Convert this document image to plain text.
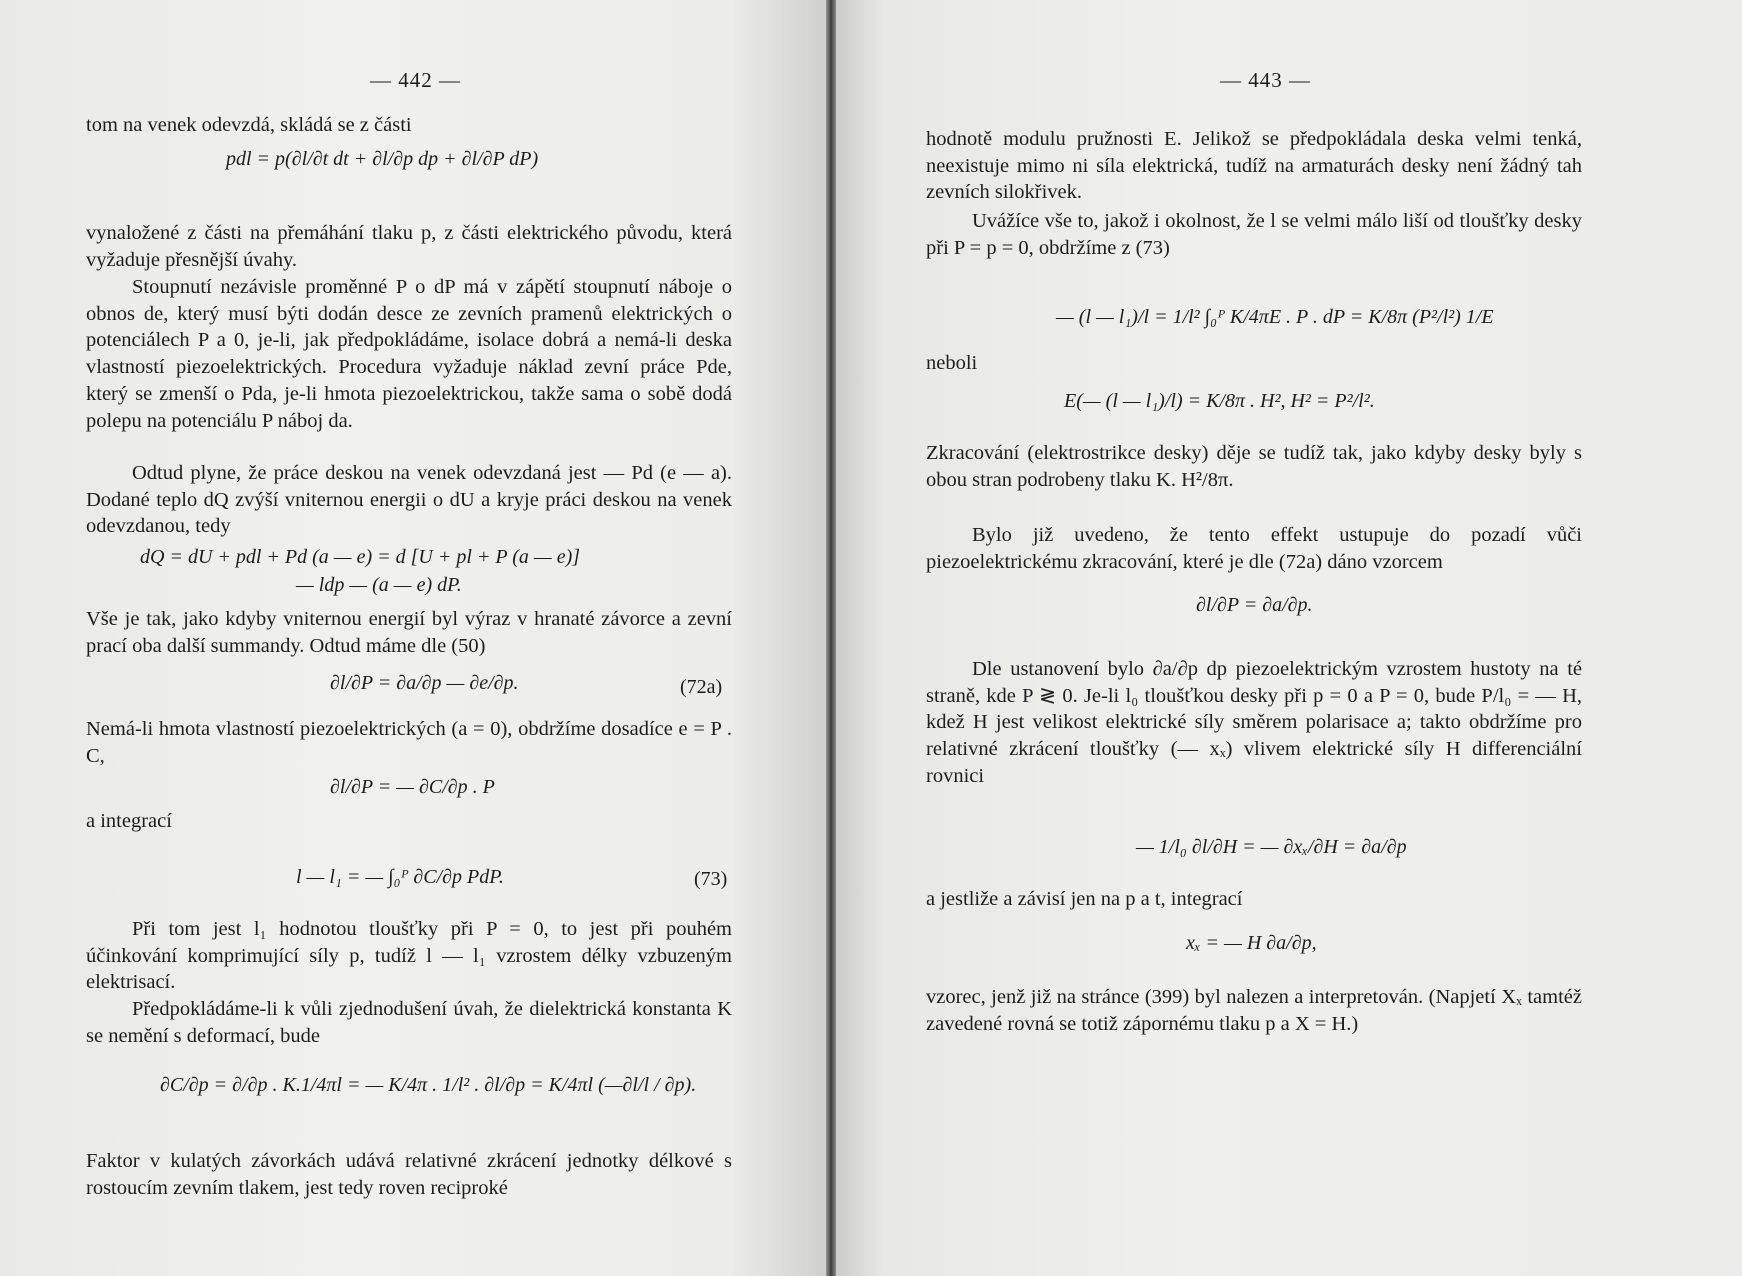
— 442 —

tom na venek odevzdá, skládá se z části

pdl = p(∂l/∂t dt + ∂l/∂p dp + ∂l/∂P dP)

vynaložené z části na přemáhání tlaku p, z části elektrického původu, která vyžaduje přesnější úvahy.

Stoupnutí nezávisle proměnné P o dP má v zápětí stoupnutí náboje o obnos de, který musí býti dodán desce ze zevních pramenů elektrických o potenciálech P a 0, je-li, jak předpokládáme, isolace dobrá a nemá-li deska vlastností piezoelektrických. Procedura vyžaduje náklad zevní práce Pde, který se zmenší o Pda, je-li hmota piezoelektrickou, takže sama o sobě dodá polepu na potenciálu P náboj da.

Odtud plyne, že práce deskou na venek odevzdaná jest — Pd (e — a). Dodané teplo dQ zvýší vniternou energii o dU a kryje práci deskou na venek odevzdanou, tedy

dQ = dU + pdl + Pd (a — e) = d [U + pl + P (a — e)]
— ldp — (a — e) dP.

Vše je tak, jako kdyby vniternou energií byl výraz v hranaté závorce a zevní prací oba další summandy. Odtud máme dle (50)

∂l/∂P = ∂a/∂p — ∂e/∂p.	(72a)

Nemá-li hmota vlastností piezoelektrických (a = 0), obdržíme dosadíce e = P . C,

∂l/∂P = — ∂C/∂p . P

a integrací

l — l₁ = — ∫₀ᴾ ∂C/∂p PdP.	(73)

Při tom jest l₁ hodnotou tloušťky při P = 0, to jest při pouhém účinkování komprimující síly p, tudíž l — l₁ vzrostem délky vzbuzeným elektrisací.

Předpokládáme-li k vůli zjednodušení úvah, že dielektrická konstanta K se nemění s deformací, bude

∂C/∂p = ∂/∂p . K.1/4πl = — K/4π . 1/l² . ∂l/∂p = K/4πl (—∂l/l / ∂p).

Faktor v kulatých závorkách udává relativné zkrácení jednotky délkové s rostoucím zevním tlakem, jest tedy roven reciproké

— 443 —

hodnotě modulu pružnosti E. Jelikož se předpokládala deska velmi tenká, neexistuje mimo ni síla elektrická, tudíž na armaturách desky není žádný tah zevních silokřivek.

Uvážíce vše to, jakož i okolnost, že l se velmi málo liší od tloušťky desky při P = p = 0, obdržíme z (73)

— (l — l₁)/l = 1/l² ∫₀ᴾ K/4πE . P . dP = K/8π (P²/l²) 1/E

neboli

E(— (l — l₁)/l) = K/8π . H², H² = P²/l².

Zkracování (elektrostrikce desky) děje se tudíž tak, jako kdyby desky byly s obou stran podrobeny tlaku K. H²/8π.

Bylo již uvedeno, že tento effekt ustupuje do pozadí vůči piezoelektrickému zkracování, které je dle (72a) dáno vzorcem

∂l/∂P = ∂a/∂p.

Dle ustanovení bylo ∂a/∂p dp piezoelektrickým vzrostem hustoty na té straně, kde P ≷ 0. Je-li l₀ tloušťkou desky při p = 0 a P = 0, bude P/l₀ = — H, kdež H jest velikost elektrické síly směrem polarisace a; takto obdržíme pro relativné zkrácení tloušťky (— xₓ) vlivem elektrické síly H differenciální rovnici

— 1/l₀ ∂l/∂H = — ∂xₓ/∂H = ∂a/∂p

a jestliže a závisí jen na p a t, integrací

xₓ = — H ∂a/∂p,

vzorec, jenž již na stránce (399) byl nalezen a interpretován. (Napjetí Xₓ tamtéž zavedené rovná se totiž zápornému tlaku p a X = H.)
